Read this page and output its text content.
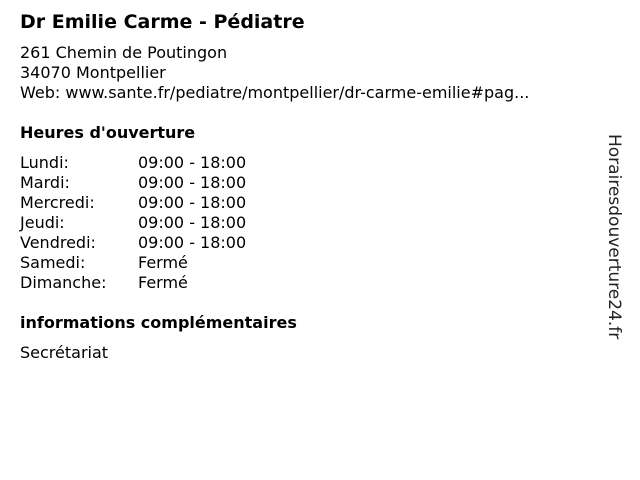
Dr Emilie Carme - Pédiatre
261 Chemin de Poutingon
34070 Montpellier
Web: www.sante.fr/pediatre/montpellier/dr-carme-emilie#pag...
Heures d'ouverture
Lundi:	09:00 - 18:00
Mardi:	09:00 - 18:00
Mercredi:	09:00 - 18:00
Jeudi:	09:00 - 18:00
Vendredi:	09:00 - 18:00
Samedi:	Fermé
Dimanche:	Fermé
informations complémentaires
Secrétariat
Horairesdouverture24.fr
